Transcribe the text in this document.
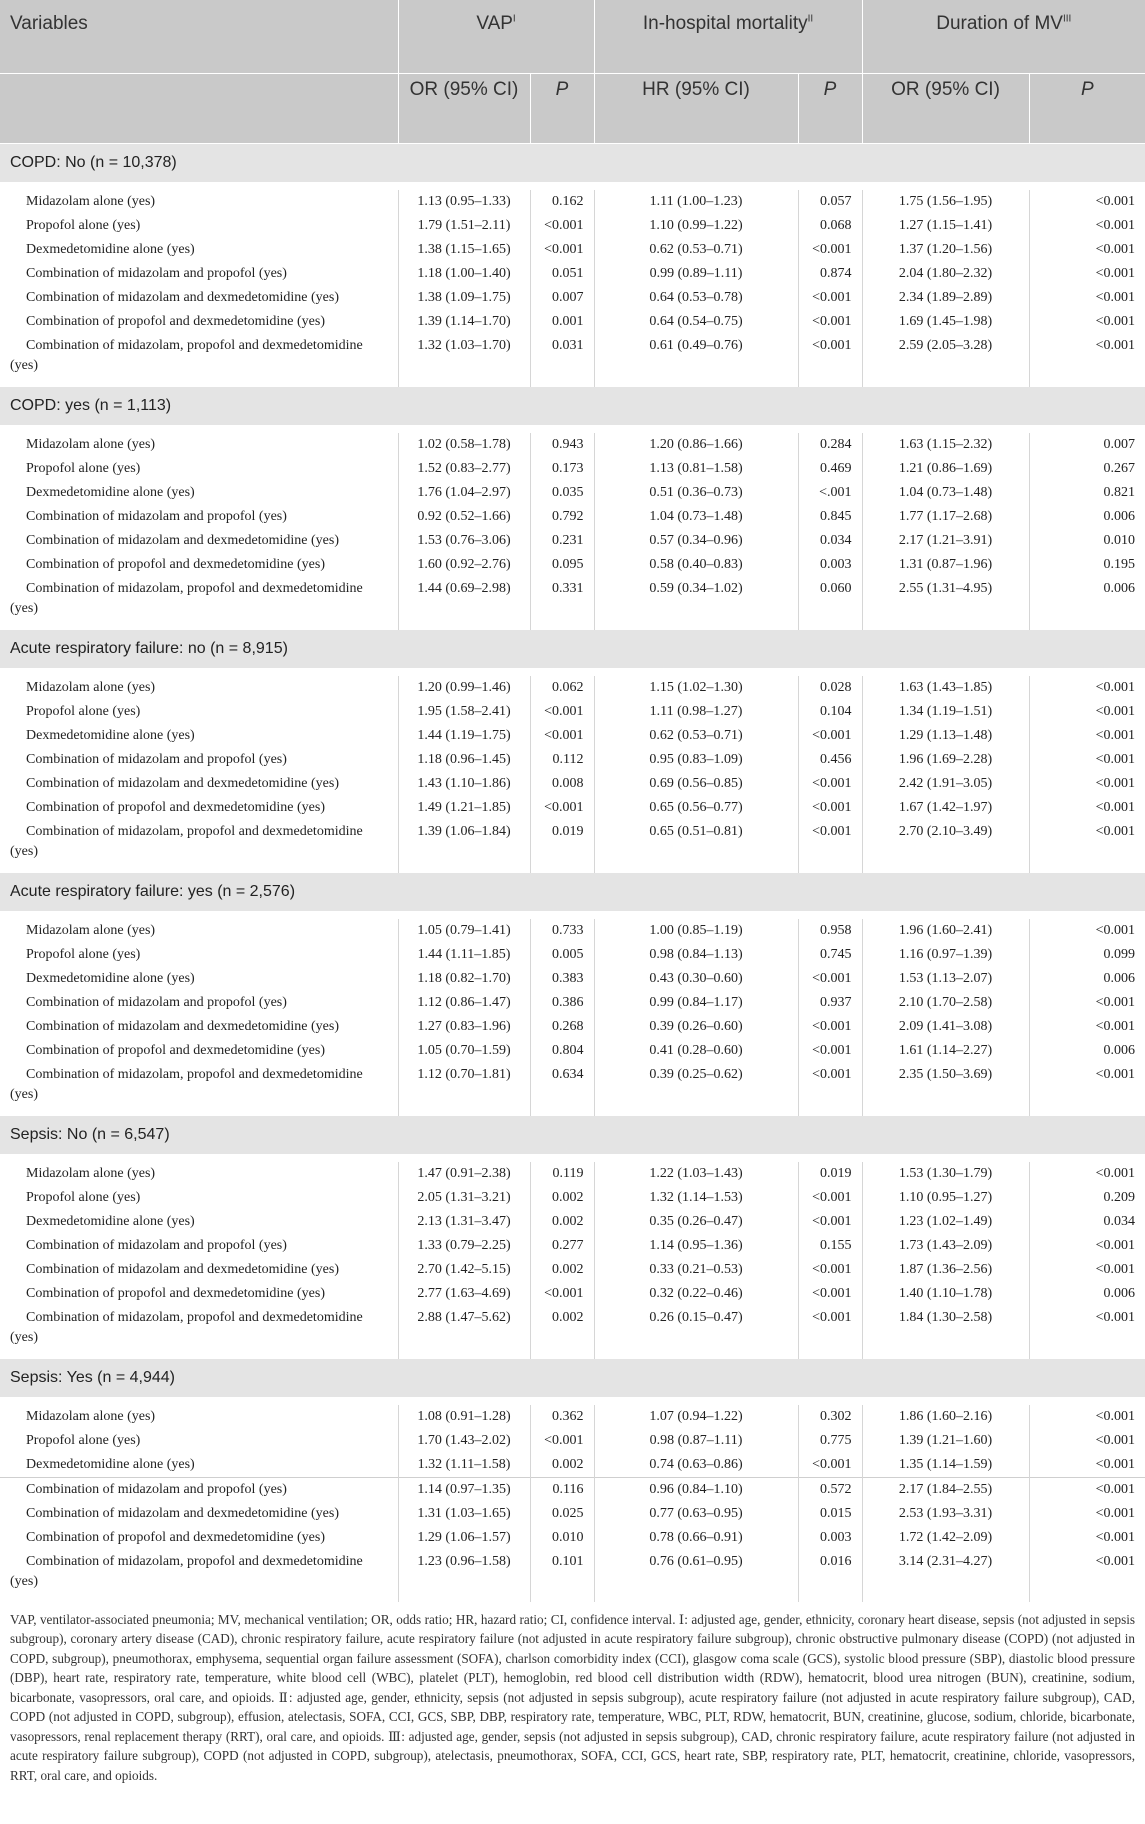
Variables	$VAP^I$		In-hospital mortality$^{II}$		Duration of $MV^{III}$
	OR (95% CI)	P	HR (95% CI)	P	OR (95% CI)	P
COPD: No (n = 10,378)						

Midazolam alone (yes)	1.13 (0.95–1.33)	0.162	1.11 (1.00–1.23)	0.057	1.75 (1.56–1.95)	<0.001

Propofol alone (yes)	1.79 (1.51–2.11)	<0.001	1.10 (0.99–1.22)	0.068	1.27 (1.15–1.41)	<0.001

Dexmedetomidine alone (yes)	1.38 (1.15–1.65)	<0.001	0.62 (0.53–0.71)	<0.001	1.37 (1.20–1.56)	<0.001

Combination of midazolam and propofol (yes)	1.18 (1.00–1.40)	0.051	0.99 (0.89–1.11)	0.874	2.04 (1.80–2.32)	<0.001

Combination of midazolam and dexmedetomidine (yes)	1.38 (1.09–1.75)	0.007	0.64 (0.53–0.78)	<0.001	2.34 (1.89–2.89)	<0.001

Combination of propofol and dexmedetomidine (yes)	1.39 (1.14–1.70)	0.001	0.64 (0.54–0.75)	<0.001	1.69 (1.45–1.98)	<0.001

Combination of midazolam, propofol and dexmedetomidine (yes)	1.32 (1.03–1.70)	0.031	0.61 (0.49–0.76)	<0.001	2.59 (2.05–3.28)	<0.001
COPD: yes (n = 1,113)						

Midazolam alone (yes)	1.02 (0.58–1.78)	0.943	1.20 (0.86–1.66)	0.284	1.63 (1.15–2.32)	0.007

Propofol alone (yes)	1.52 (0.83–2.77)	0.173	1.13 (0.81–1.58)	0.469	1.21 (0.86–1.69)	0.267

Dexmedetomidine alone (yes)	1.76 (1.04–2.97)	0.035	0.51 (0.36–0.73)	<.001	1.04 (0.73–1.48)	0.821

Combination of midazolam and propofol (yes)	0.92 (0.52–1.66)	0.792	1.04 (0.73–1.48)	0.845	1.77 (1.17–2.68)	0.006

Combination of midazolam and dexmedetomidine (yes)	1.53 (0.76–3.06)	0.231	0.57 (0.34–0.96)	0.034	2.17 (1.21–3.91)	0.010

Combination of propofol and dexmedetomidine (yes)	1.60 (0.92–2.76)	0.095	0.58 (0.40–0.83)	0.003	1.31 (0.87–1.96)	0.195

Combination of midazolam, propofol and dexmedetomidine (yes)	1.44 (0.69–2.98)	0.331	0.59 (0.34–1.02)	0.060	2.55 (1.31–4.95)	0.006
Acute respiratory failure: no (n = 8,915)						

Midazolam alone (yes)	1.20 (0.99–1.46)	0.062	1.15 (1.02–1.30)	0.028	1.63 (1.43–1.85)	<0.001

Propofol alone (yes)	1.95 (1.58–2.41)	<0.001	1.11 (0.98–1.27)	0.104	1.34 (1.19–1.51)	<0.001

Dexmedetomidine alone (yes)	1.44 (1.19–1.75)	<0.001	0.62 (0.53–0.71)	<0.001	1.29 (1.13–1.48)	<0.001

Combination of midazolam and propofol (yes)	1.18 (0.96–1.45)	0.112	0.95 (0.83–1.09)	0.456	1.96 (1.69–2.28)	<0.001

Combination of midazolam and dexmedetomidine (yes)	1.43 (1.10–1.86)	0.008	0.69 (0.56–0.85)	<0.001	2.42 (1.91–3.05)	<0.001

Combination of propofol and dexmedetomidine (yes)	1.49 (1.21–1.85)	<0.001	0.65 (0.56–0.77)	<0.001	1.67 (1.42–1.97)	<0.001

Combination of midazolam, propofol and dexmedetomidine (yes)	1.39 (1.06–1.84)	0.019	0.65 (0.51–0.81)	<0.001	2.70 (2.10–3.49)	<0.001
Acute respiratory failure: yes (n = 2,576)						

Midazolam alone (yes)	1.05 (0.79–1.41)	0.733	1.00 (0.85–1.19)	0.958	1.96 (1.60–2.41)	<0.001

Propofol alone (yes)	1.44 (1.11–1.85)	0.005	0.98 (0.84–1.13)	0.745	1.16 (0.97–1.39)	0.099

Dexmedetomidine alone (yes)	1.18 (0.82–1.70)	0.383	0.43 (0.30–0.60)	<0.001	1.53 (1.13–2.07)	0.006

Combination of midazolam and propofol (yes)	1.12 (0.86–1.47)	0.386	0.99 (0.84–1.17)	0.937	2.10 (1.70–2.58)	<0.001

Combination of midazolam and dexmedetomidine (yes)	1.27 (0.83–1.96)	0.268	0.39 (0.26–0.60)	<0.001	2.09 (1.41–3.08)	<0.001

Combination of propofol and dexmedetomidine (yes)	1.05 (0.70–1.59)	0.804	0.41 (0.28–0.60)	<0.001	1.61 (1.14–2.27)	0.006

Combination of midazolam, propofol and dexmedetomidine (yes)	1.12 (0.70–1.81)	0.634	0.39 (0.25–0.62)	<0.001	2.35 (1.50–3.69)	<0.001
Sepsis: No (n = 6,547)						

Midazolam alone (yes)	1.47 (0.91–2.38)	0.119	1.22 (1.03–1.43)	0.019	1.53 (1.30–1.79)	<0.001

Propofol alone (yes)	2.05 (1.31–3.21)	0.002	1.32 (1.14–1.53)	<0.001	1.10 (0.95–1.27)	0.209

Dexmedetomidine alone (yes)	2.13 (1.31–3.47)	0.002	0.35 (0.26–0.47)	<0.001	1.23 (1.02–1.49)	0.034

Combination of midazolam and propofol (yes)	1.33 (0.79–2.25)	0.277	1.14 (0.95–1.36)	0.155	1.73 (1.43–2.09)	<0.001

Combination of midazolam and dexmedetomidine (yes)	2.70 (1.42–5.15)	0.002	0.33 (0.21–0.53)	<0.001	1.87 (1.36–2.56)	<0.001

Combination of propofol and dexmedetomidine (yes)	2.77 (1.63–4.69)	<0.001	0.32 (0.22–0.46)	<0.001	1.40 (1.10–1.78)	0.006

Combination of midazolam, propofol and dexmedetomidine (yes)	2.88 (1.47–5.62)	0.002	0.26 (0.15–0.47)	<0.001	1.84 (1.30–2.58)	<0.001
Sepsis: Yes (n = 4,944)						

Midazolam alone (yes)	1.08 (0.91–1.28)	0.362	1.07 (0.94–1.22)	0.302	1.86 (1.60–2.16)	<0.001

Propofol alone (yes)	1.70 (1.43–2.02)	<0.001	0.98 (0.87–1.11)	0.775	1.39 (1.21–1.60)	<0.001

Dexmedetomidine alone (yes)	1.32 (1.11–1.58)	0.002	0.74 (0.63–0.86)	<0.001	1.35 (1.14–1.59)	<0.001

Combination of midazolam and propofol (yes)	1.14 (0.97–1.35)	0.116	0.96 (0.84–1.10)	0.572	2.17 (1.84–2.55)	<0.001

Combination of midazolam and dexmedetomidine (yes)	1.31 (1.03–1.65)	0.025	0.77 (0.63–0.95)	0.015	2.53 (1.93–3.31)	<0.001

Combination of propofol and dexmedetomidine (yes)	1.29 (1.06–1.57)	0.010	0.78 (0.66–0.91)	0.003	1.72 (1.42–2.09)	<0.001

Combination of midazolam, propofol and dexmedetomidine (yes)	1.23 (0.96–1.58)	0.101	0.76 (0.61–0.95)	0.016	3.14 (2.31–4.27)	<0.001
VAP, ventilator-associated pneumonia; MV, mechanical ventilation; OR, odds ratio; HR, hazard ratio; CI, confidence interval. Ⅰ: adjusted age, gender, ethnicity, coronary heart disease, sepsis (not adjusted in sepsis subgroup), coronary artery disease (CAD), chronic respiratory failure, acute respiratory failure (not adjusted in acute respiratory failure subgroup), chronic obstructive pulmonary disease (COPD) (not adjusted in COPD, subgroup), pneumothorax, emphysema, sequential organ failure assessment (SOFA), charlson comorbidity index (CCI), glasgow coma scale (GCS), systolic blood pressure (SBP), diastolic blood pressure (DBP), heart rate, respiratory rate, temperature, white blood cell (WBC), platelet (PLT), hemoglobin, red blood cell distribution width (RDW), hematocrit, blood urea nitrogen (BUN), creatinine, sodium, bicarbonate, vasopressors, oral care, and opioids. Ⅱ: adjusted age, gender, ethnicity, sepsis (not adjusted in sepsis subgroup), acute respiratory failure (not adjusted in acute respiratory failure subgroup), CAD, COPD (not adjusted in COPD, subgroup), effusion, atelectasis, SOFA, CCI, GCS, SBP, DBP, respiratory rate, temperature, WBC, PLT, RDW, hematocrit, BUN, creatinine, glucose, sodium, chloride, bicarbonate, vasopressors, renal replacement therapy (RRT), oral care, and opioids. Ⅲ: adjusted age, gender, sepsis (not adjusted in sepsis subgroup), CAD, chronic respiratory failure, acute respiratory failure (not adjusted in acute respiratory failure subgroup), COPD (not adjusted in COPD, subgroup), atelectasis, pneumothorax, SOFA, CCI, GCS, heart rate, SBP, respiratory rate, PLT, hematocrit, creatinine, chloride, vasopressors, RRT, oral care, and opioids.
